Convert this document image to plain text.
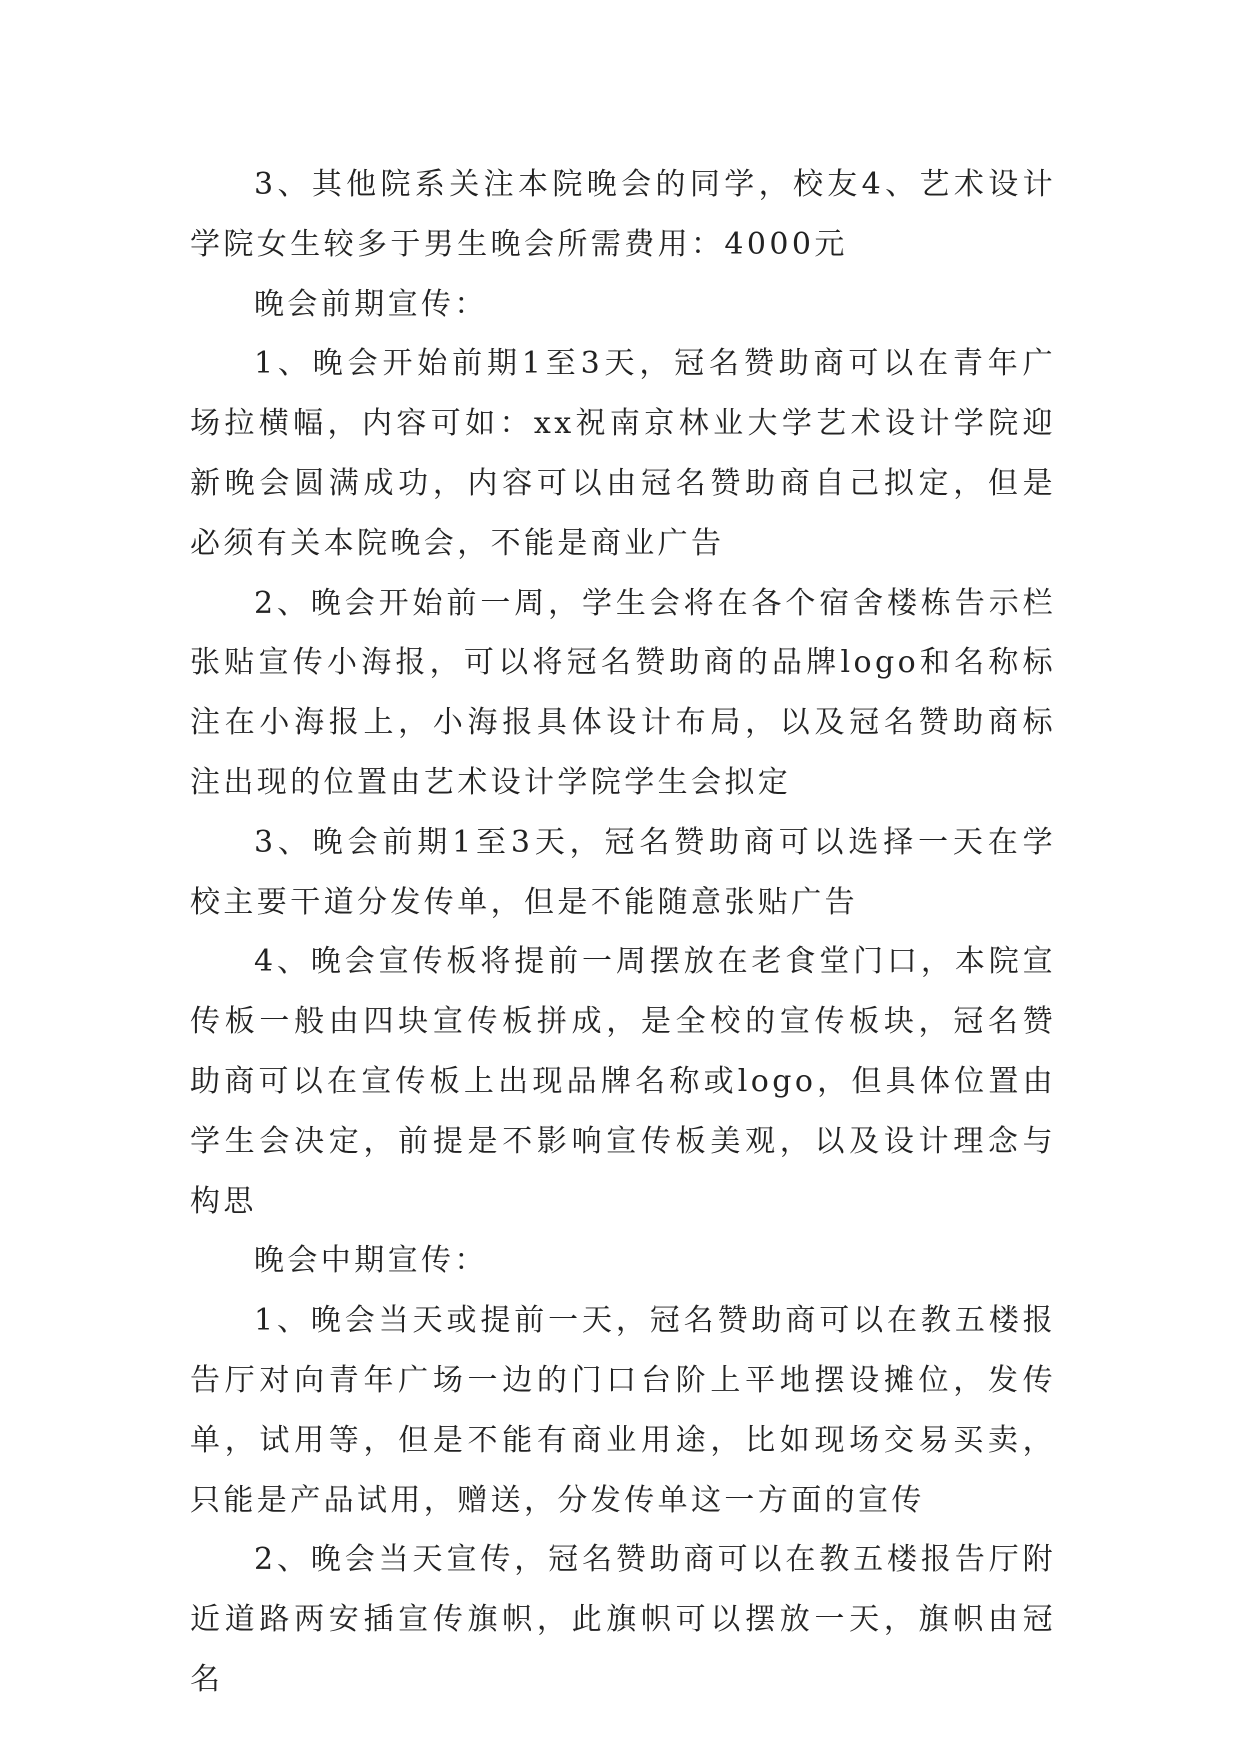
3、其他院系关注本院晚会的同学，校友4、艺术设计学院女生较多于男生晚会所需费用：4000元

晚会前期宣传：

1、晚会开始前期1至3天，冠名赞助商可以在青年广场拉横幅，内容可如：xx祝南京林业大学艺术设计学院迎新晚会圆满成功，内容可以由冠名赞助商自己拟定，但是必须有关本院晚会，不能是商业广告

2、晚会开始前一周，学生会将在各个宿舍楼栋告示栏张贴宣传小海报，可以将冠名赞助商的品牌logo和名称标注在小海报上，小海报具体设计布局，以及冠名赞助商标注出现的位置由艺术设计学院学生会拟定

3、晚会前期1至3天，冠名赞助商可以选择一天在学校主要干道分发传单，但是不能随意张贴广告

4、晚会宣传板将提前一周摆放在老食堂门口，本院宣传板一般由四块宣传板拼成，是全校的宣传板块，冠名赞助商可以在宣传板上出现品牌名称或logo，但具体位置由学生会决定，前提是不影响宣传板美观，以及设计理念与构思

晚会中期宣传：

1、晚会当天或提前一天，冠名赞助商可以在教五楼报告厅对向青年广场一边的门口台阶上平地摆设摊位，发传单，试用等，但是不能有商业用途，比如现场交易买卖，只能是产品试用，赠送，分发传单这一方面的宣传

2、晚会当天宣传，冠名赞助商可以在教五楼报告厅附近道路两安插宣传旗帜，此旗帜可以摆放一天，旗帜由冠名
